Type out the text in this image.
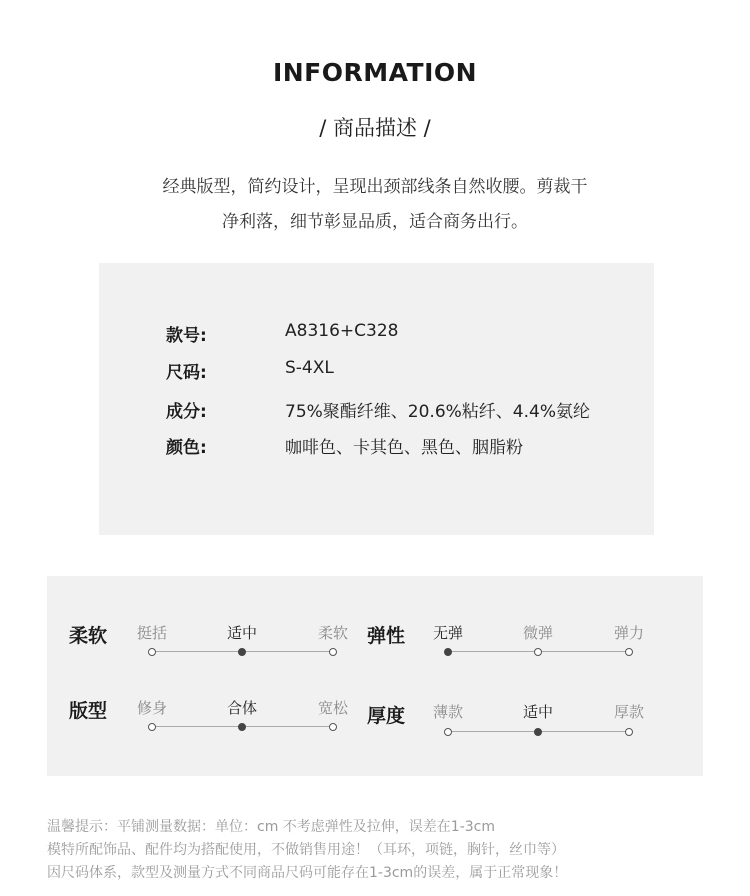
INFORMATION
/ 商品描述 /
经典版型，简约设计，呈现出颈部线条自然收腰。剪裁干
净利落，细节彰显品质，适合商务出行。
款号:	A8316+C328
尺码:	S-4XL
成分:	75%聚酯纤维、20.6%粘纤、4.4%氨纶
颜色:	咖啡色、卡其色、黑色、胭脂粉
柔软 挺括	适中	柔软 弹性 无弹	微弹	弹力
版型 修身	合体	宽松 厚度 薄款	适中	厚款
温馨提示：平铺测量数据：单位：cm 不考虑弹性及拉伸，误差在1-3cm
模特所配饰品、配件均为搭配使用，不做销售用途！（耳环，项链，胸针，丝巾等）
因尺码体系，款型及测量方式不同商品尺码可能存在1-3cm的误差，属于正常现象！
